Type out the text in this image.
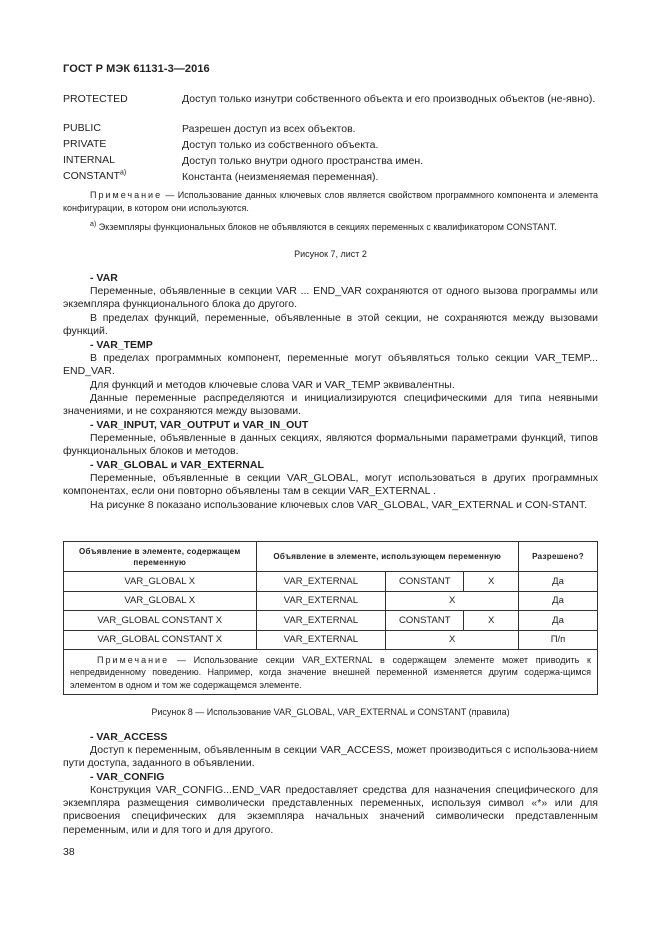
ГОСТ Р МЭК 61131-3—2016
PROTECTED	Доступ только изнутри собственного объекта и его производных объектов (не-явно).
PUBLIC	Разрешен доступ из всех объектов.
PRIVATE	Доступ только из собственного объекта.
INTERNAL	Доступ только внутри одного пространства имен.
CONSTANT$^{a)}$	Константа (неизменяемая переменная).
Примечание — Использование данных ключевых слов является свойством программного компонента и элемента конфигурации, в котором они используются.
$^{a)}$ Экземпляры функциональных блоков не объявляются в секциях переменных с квалификатором CONSTANT.
Рисунок 7, лист 2
- VAR
Переменные, объявленные в секции VAR ... END_VAR сохраняются от одного вызова программы или экземпляра функционального блока до другого.
В пределах функций, переменные, объявленные в этой секции, не сохраняются между вызовами функций.
- VAR_TEMP
В пределах программных компонент, переменные могут объявляться только секции VAR_TEMP... END_VAR.
Для функций и методов ключевые слова VAR и VAR_TEMP эквивалентны.
Данные переменные распределяются и инициализируются специфическими для типа неявными значениями, и не сохраняются между вызовами.
- VAR_INPUT, VAR_OUTPUT и VAR_IN_OUT
Переменные, объявленные в данных секциях, являются формальными параметрами функций, типов функциональных блоков и методов.
- VAR_GLOBAL и VAR_EXTERNAL
Переменные, объявленные в секции VAR_GLOBAL, могут использоваться в других программных компонентах, если они повторно объявлены там в секции VAR_EXTERNAL .
На рисунке 8 показано использование ключевых слов VAR_GLOBAL, VAR_EXTERNAL и CON-STANT.
Объявление в элементе, содержащем переменную	Объявление в элементе, использующем переменную			Разрешено?
VAR_GLOBAL X	VAR_EXTERNAL	CONSTANT	X	Да
VAR_GLOBAL X	VAR_EXTERNAL	X		Да
VAR_GLOBAL CONSTANT X	VAR_EXTERNAL	CONSTANT	X	Да
VAR_GLOBAL CONSTANT X	VAR_EXTERNAL	X		П/п
Примечание — Использование секции VAR_EXTERNAL в содержащем элементе может приводить к непредвиденному поведению. Например, когда значение внешней переменной изменяется другим содержа-щимся элементом в одном и том же содержащемся элементе.				
Рисунок 8 — Использование VAR_GLOBAL, VAR_EXTERNAL и CONSTANT (правила)
- VAR_ACCESS
Доступ к переменным, объявленным в секции VAR_ACCESS, может производиться с использова-нием пути доступа, заданного в объявлении.
- VAR_CONFIG
Конструкция VAR_CONFIG...END_VAR предоставляет средства для назначения специфического для экземпляра размещения символически представленных переменных, используя символ «*» или для присвоения специфических для экземпляра начальных значений символически представленным переменным, или и для того и для другого.
38
